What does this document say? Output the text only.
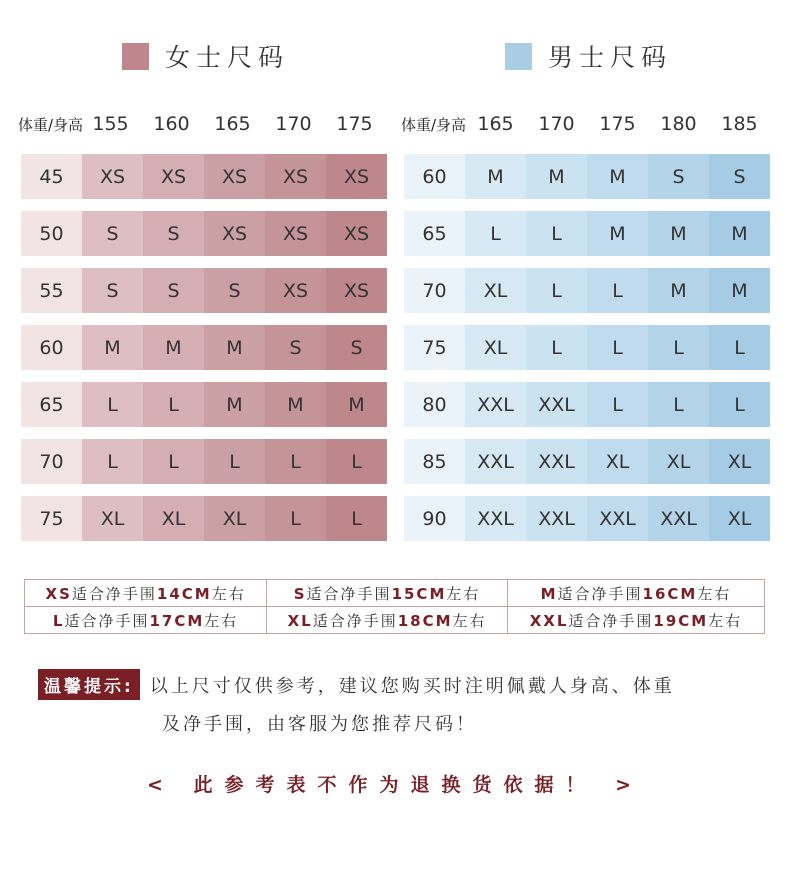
女士尺码	男士尺码
体重/身高 155	160	165	170	175	体重/身高 165	170	175	180	185
45	XS	XS	XS	XS	XS
50	S	S	XS	XS	XS
55	S	S	S	XS	XS
60	M	M	M	S	S
65	L	L	M	M	M
70	L	L	L	L	L
75	XL	XL	XL	L	L
60	M	M	M	S	S
65	L	L	M	M	M
70	XL	L	L	M	M
75	XL	L	L	L	L
80	XXL	XXL	L	L	L
85	XXL	XXL	XL	XL	XL
90	XXL	XXL	XXL	XXL	XL
XS适合净手围14CM左右	S适合净手围15CM左右	M适合净手围16CM左右
L适合净手围17CM左右	XL适合净手围18CM左右	XXL适合净手围19CM左右
温馨提示: 以上尺寸仅供参考，建议您购买时注明佩戴人身高、体重
及净手围，由客服为您推荐尺码！
< 此参考表不作为退换货依据！ >
